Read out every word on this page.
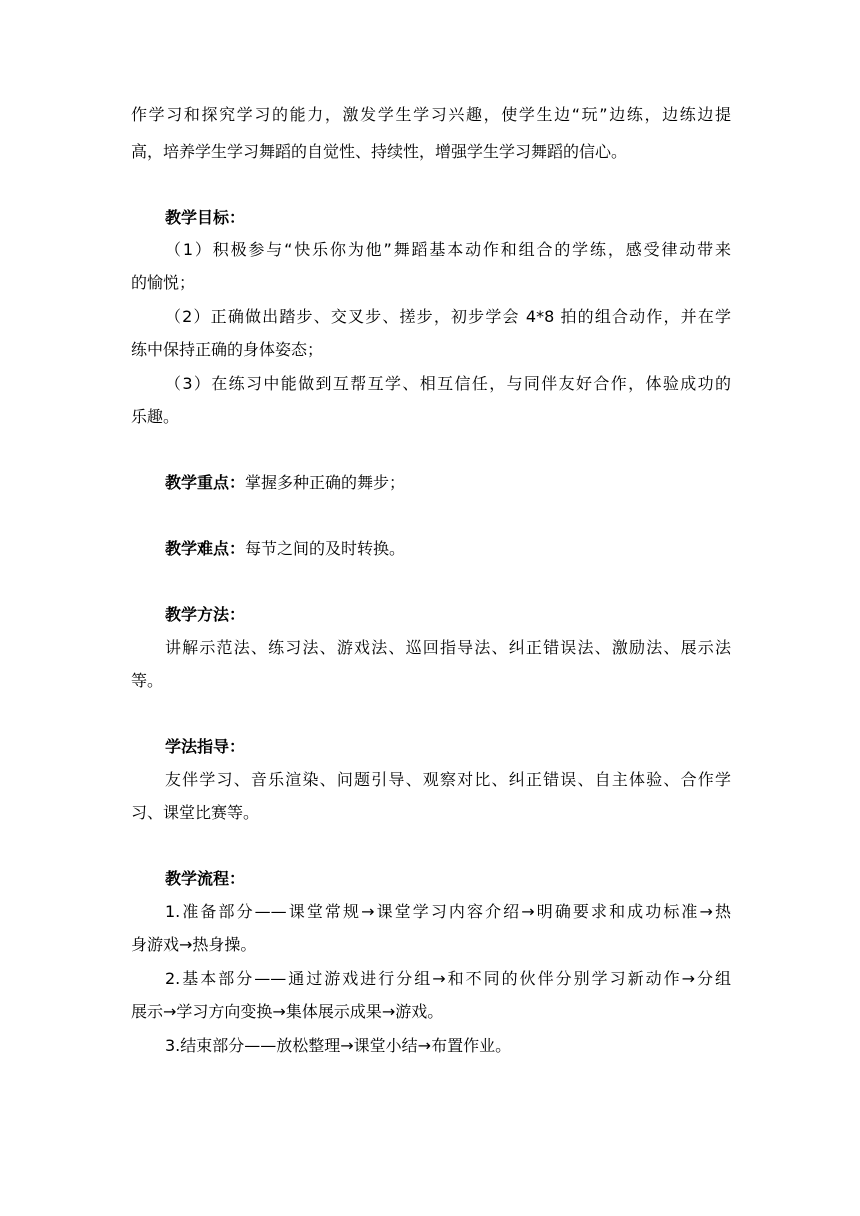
作学习和探究学习的能力，激发学生学习兴趣，使学生边“玩”边练，边练边提
高，培养学生学习舞蹈的自觉性、持续性，增强学生学习舞蹈的信心。
教学目标：
（1）积极参与“快乐你为他”舞蹈基本动作和组合的学练，感受律动带来
的愉悦；
（2）正确做出踏步、交叉步、搓步，初步学会 4*8 拍的组合动作，并在学
练中保持正确的身体姿态；
（3）在练习中能做到互帮互学、相互信任，与同伴友好合作，体验成功的
乐趣。
教学重点：掌握多种正确的舞步；
教学难点：每节之间的及时转换。
教学方法：
讲解示范法、练习法、游戏法、巡回指导法、纠正错误法、激励法、展示法
等。
学法指导：
友伴学习、音乐渲染、问题引导、观察对比、纠正错误、自主体验、合作学
习、课堂比赛等。
教学流程：
1.准备部分——课堂常规→课堂学习内容介绍→明确要求和成功标准→热
身游戏→热身操。
2.基本部分——通过游戏进行分组→和不同的伙伴分别学习新动作→分组
展示→学习方向变换→集体展示成果→游戏。
3.结束部分——放松整理→课堂小结→布置作业。
